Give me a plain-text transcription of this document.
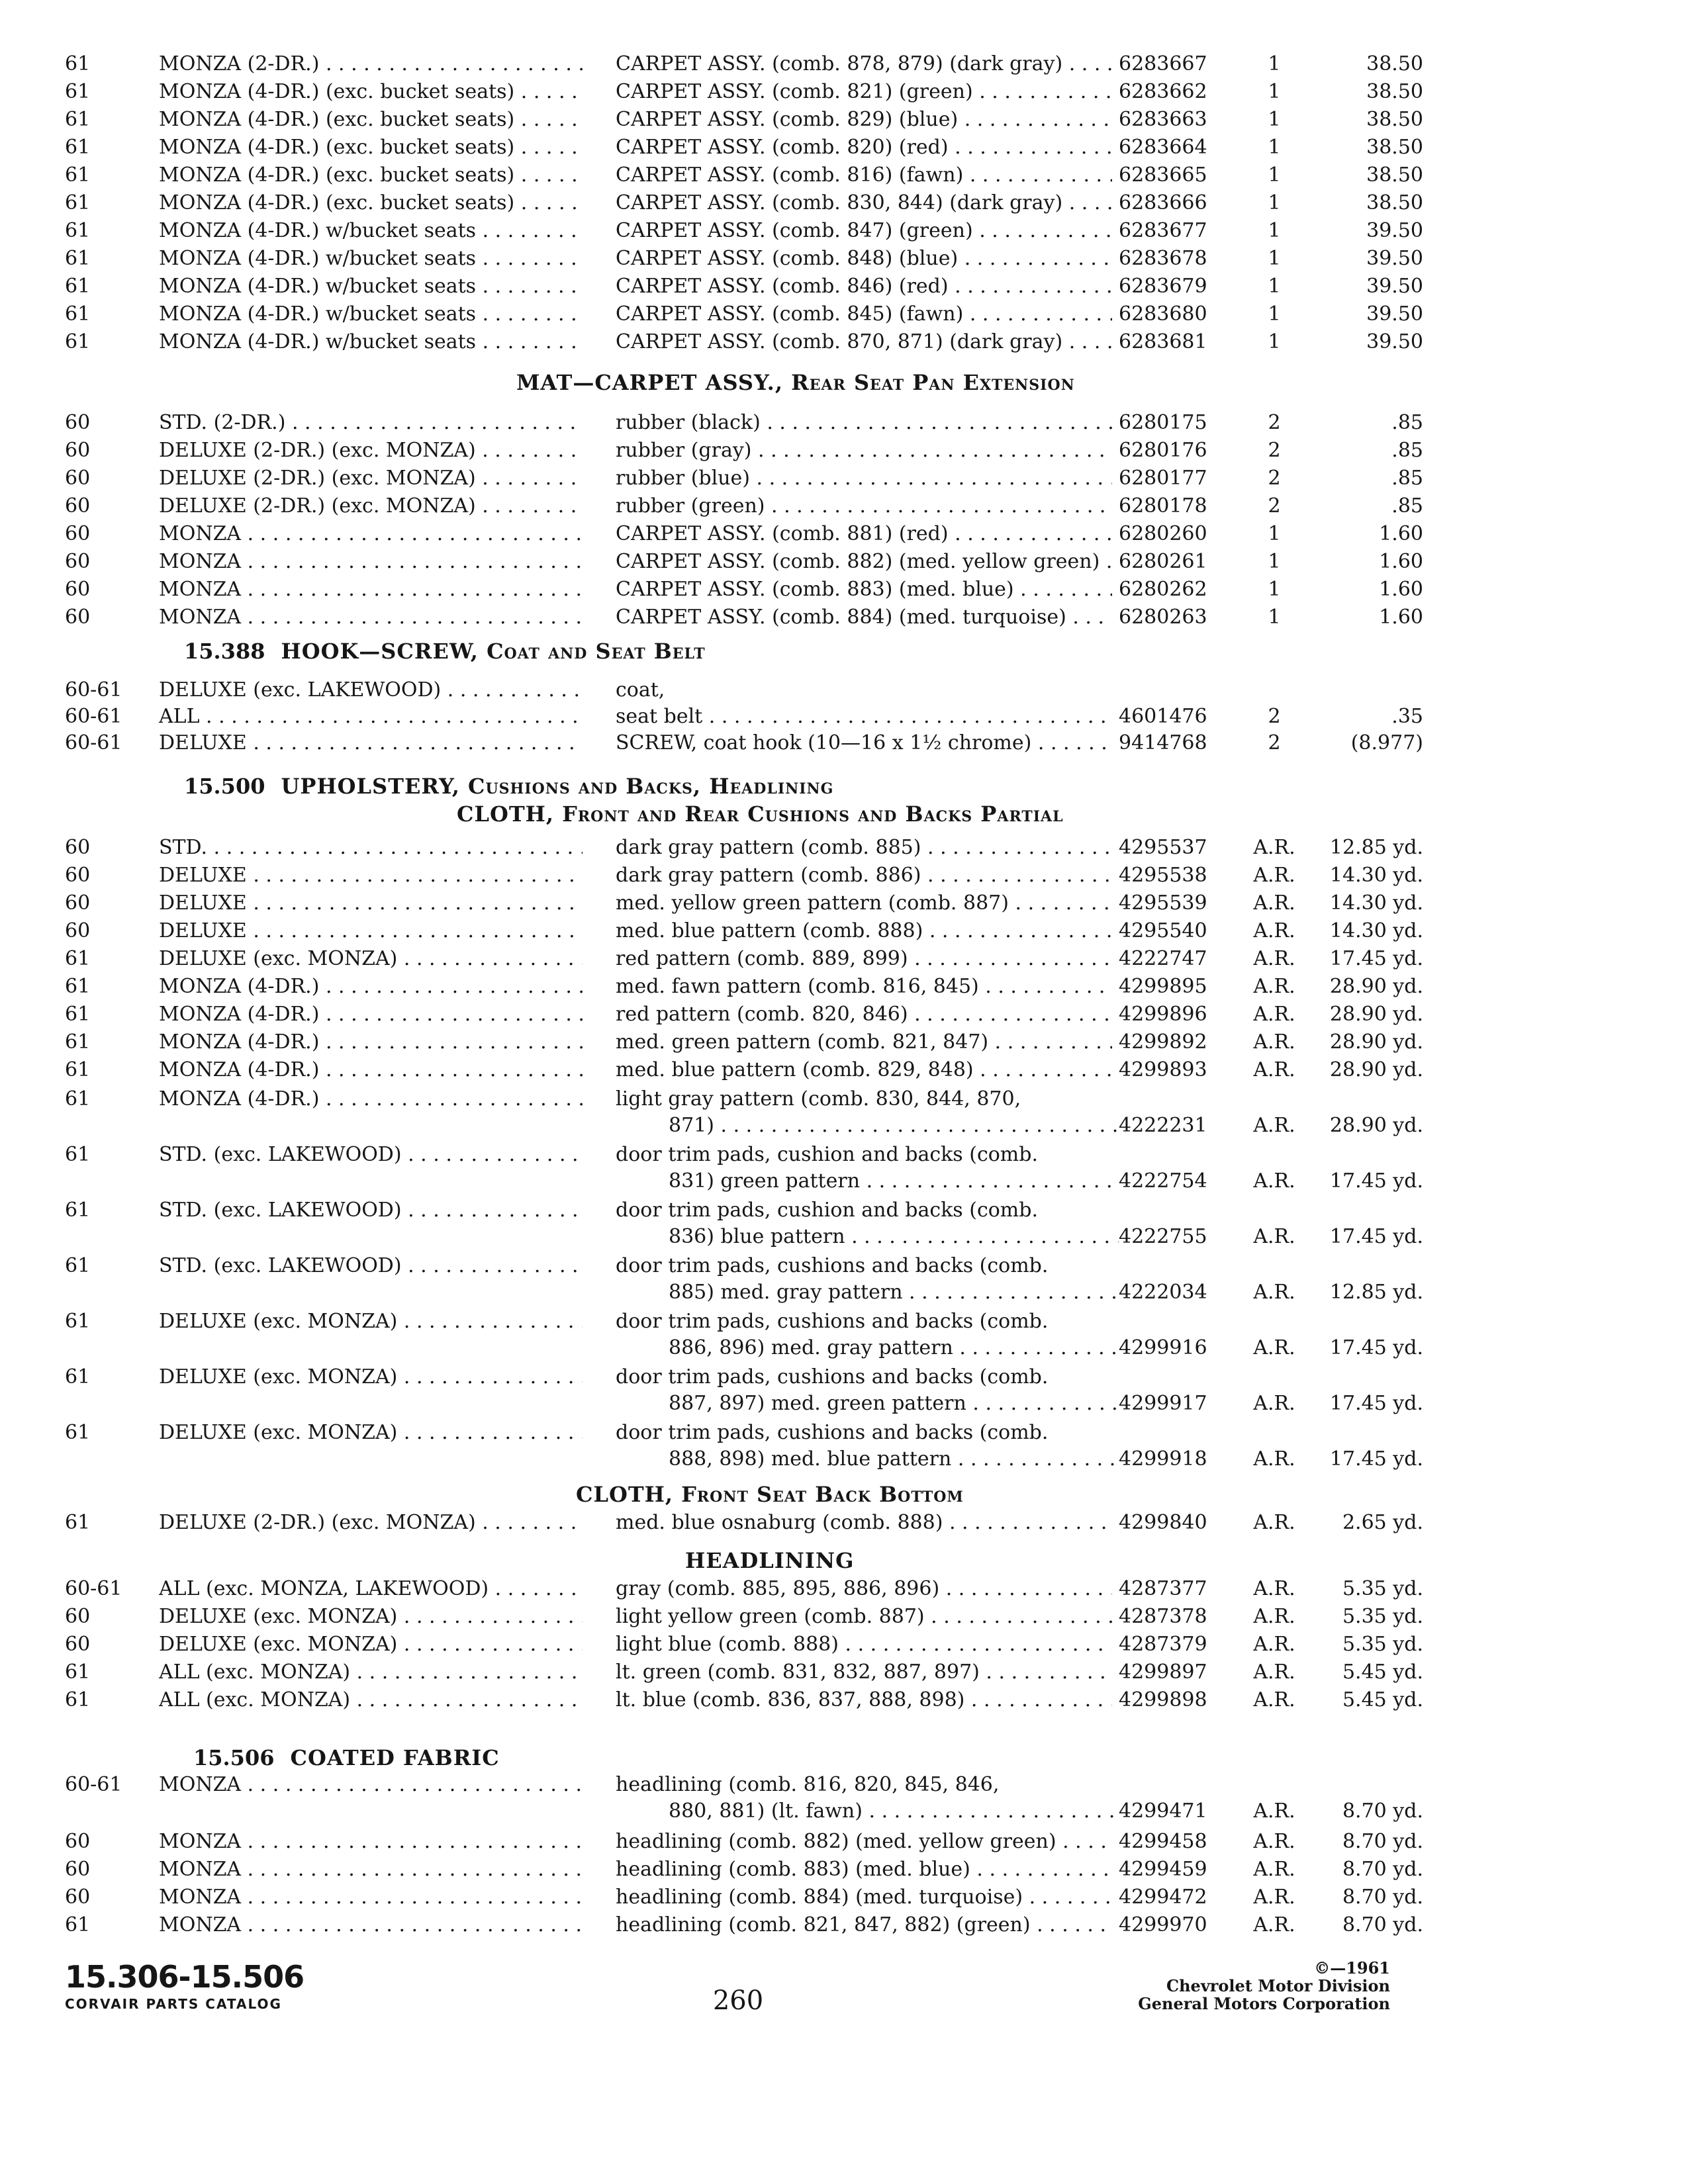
61	MONZA (2-DR.) . . .	CARPET ASSY. (comb. 878, 879) (dark gray) . . .	6283667	1	38.50
61	MONZA (4-DR.) (exc. bucket seats) . . .	CARPET ASSY. (comb. 821) (green) . . .	6283662	1	38.50
61	MONZA (4-DR.) (exc. bucket seats) . . .	CARPET ASSY. (comb. 829) (blue) . . .	6283663	1	38.50
61	MONZA (4-DR.) (exc. bucket seats) . . .	CARPET ASSY. (comb. 820) (red) . . .	6283664	1	38.50
61	MONZA (4-DR.) (exc. bucket seats) . . .	CARPET ASSY. (comb. 816) (fawn) . . .	6283665	1	38.50
61	MONZA (4-DR.) (exc. bucket seats) . . .	CARPET ASSY. (comb. 830, 844) (dark gray) . . .	6283666	1	38.50
61	MONZA (4-DR.) w/bucket seats . . .	CARPET ASSY. (comb. 847) (green) . . .	6283677	1	39.50
61	MONZA (4-DR.) w/bucket seats . . .	CARPET ASSY. (comb. 848) (blue) . . .	6283678	1	39.50
61	MONZA (4-DR.) w/bucket seats . . .	CARPET ASSY. (comb. 846) (red) . . .	6283679	1	39.50
61	MONZA (4-DR.) w/bucket seats . . .	CARPET ASSY. (comb. 845) (fawn) . . .	6283680	1	39.50
61	MONZA (4-DR.) w/bucket seats . . .	CARPET ASSY. (comb. 870, 871) (dark gray) . . .	6283681	1	39.50
MAT—CARPET ASSY., Rear Seat Pan Extension
60	STD. (2-DR.) . . .	rubber (black) . . .	6280175	2	.85
60	DELUXE (2-DR.) (exc. MONZA) . . .	rubber (gray) . . .	6280176	2	.85
60	DELUXE (2-DR.) (exc. MONZA) . . .	rubber (blue) . . .	6280177	2	.85
60	DELUXE (2-DR.) (exc. MONZA) . . .	rubber (green) . . .	6280178	2	.85
60	MONZA . . .	CARPET ASSY. (comb. 881) (red) . . .	6280260	1	1.60
60	MONZA . . .	CARPET ASSY. (comb. 882) (med. yellow green) . . . 6280261	1	1.60
60	MONZA . . .	CARPET ASSY. (comb. 883) (med. blue) . . .	6280262	1	1.60
60	MONZA . . .	CARPET ASSY. (comb. 884) (med. turquoise) . . .	6280263	1	1.60
15.388 HOOK—SCREW, Coat and Seat Belt
60-61	DELUXE (exc. LAKEWOOD) . . .	coat,
60-61	ALL . . .	seat belt . . .	4601476	2	.35
60-61	DELUXE . . .	SCREW, coat hook (10—16 x 1½ chrome) . . .	9414768	2	(8.977)
15.500 UPHOLSTERY, Cushions and Backs, Headlining
CLOTH, Front and Rear Cushions and Backs Partial
60	STD. . . .	dark gray pattern (comb. 885) . . .	4295537	A.R.	12.85 yd.
60	DELUXE . . .	dark gray pattern (comb. 886) . . .	4295538	A.R.	14.30 yd.
60	DELUXE . . .	med. yellow green pattern (comb. 887) . . .	4295539	A.R.	14.30 yd.
60	DELUXE . . .	med. blue pattern (comb. 888) . . .	4295540	A.R.	14.30 yd.
61	DELUXE (exc. MONZA) . . .	red pattern (comb. 889, 899) . . .	4222747	A.R.	17.45 yd.
61	MONZA (4-DR.) . . .	med. fawn pattern (comb. 816, 845) . . .	4299895	A.R.	28.90 yd.
61	MONZA (4-DR.) . . .	red pattern (comb. 820, 846) . . .	4299896	A.R.	28.90 yd.
61	MONZA (4-DR.) . . .	med. green pattern (comb. 821, 847) . . .	4299892	A.R.	28.90 yd.
61	MONZA (4-DR.) . . .	med. blue pattern (comb. 829, 848) . . .	4299893	A.R.	28.90 yd.
61	MONZA (4-DR.) . . .	light gray pattern (comb. 830, 844, 870,
871) . . .	4222231	A.R.	28.90 yd.
61	STD. (exc. LAKEWOOD) . . .	door trim pads, cushion and backs (comb.
831) green pattern . . .	4222754	A.R.	17.45 yd.
61	STD. (exc. LAKEWOOD) . . .	door trim pads, cushion and backs (comb.
836) blue pattern . . .	4222755	A.R.	17.45 yd.
61	STD. (exc. LAKEWOOD) . . .	door trim pads, cushions and backs (comb.
885) med. gray pattern . . .	4222034	A.R.	12.85 yd.
61	DELUXE (exc. MONZA) . . .	door trim pads, cushions and backs (comb.
886, 896) med. gray pattern . . .	4299916	A.R.	17.45 yd.
61	DELUXE (exc. MONZA) . . .	door trim pads, cushions and backs (comb.
887, 897) med. green pattern . . .	4299917	A.R.	17.45 yd.
61	DELUXE (exc. MONZA) . . .	door trim pads, cushions and backs (comb.
888, 898) med. blue pattern . . .	4299918	A.R.	17.45 yd.
CLOTH, Front Seat Back Bottom
61	DELUXE (2-DR.) (exc. MONZA) . . .	med. blue osnaburg (comb. 888) . . .	4299840	A.R.	2.65 yd.
HEADLINING
60-61	ALL (exc. MONZA, LAKEWOOD) . . .	gray (comb. 885, 895, 886, 896) . . .	4287377	A.R.	5.35 yd.
60	DELUXE (exc. MONZA) . . .	light yellow green (comb. 887) . . .	4287378	A.R.	5.35 yd.
60	DELUXE (exc. MONZA) . . .	light blue (comb. 888) . . .	4287379	A.R.	5.35 yd.
61	ALL (exc. MONZA) . . .	lt. green (comb. 831, 832, 887, 897) . . .	4299897	A.R.	5.45 yd.
61	ALL (exc. MONZA) . . .	lt. blue (comb. 836, 837, 888, 898) . . .	4299898	A.R.	5.45 yd.
15.506 COATED FABRIC
60-61	MONZA . . .	headlining (comb. 816, 820, 845, 846,
880, 881) (lt. fawn) . . .	4299471	A.R.	8.70 yd.
60	MONZA . . .	headlining (comb. 882) (med. yellow green) . . .	4299458	A.R.	8.70 yd.
60	MONZA . . .	headlining (comb. 883) (med. blue) . . .	4299459	A.R.	8.70 yd.
60	MONZA . . .	headlining (comb. 884) (med. turquoise) . . .	4299472	A.R.	8.70 yd.
61	MONZA . . .	headlining (comb. 821, 847, 882) (green) . . .	4299970	A.R.	8.70 yd.
15.306-15.506
CORVAIR PARTS CATALOG	260
©—1961
Chevrolet Motor Division
General Motors Corporation
